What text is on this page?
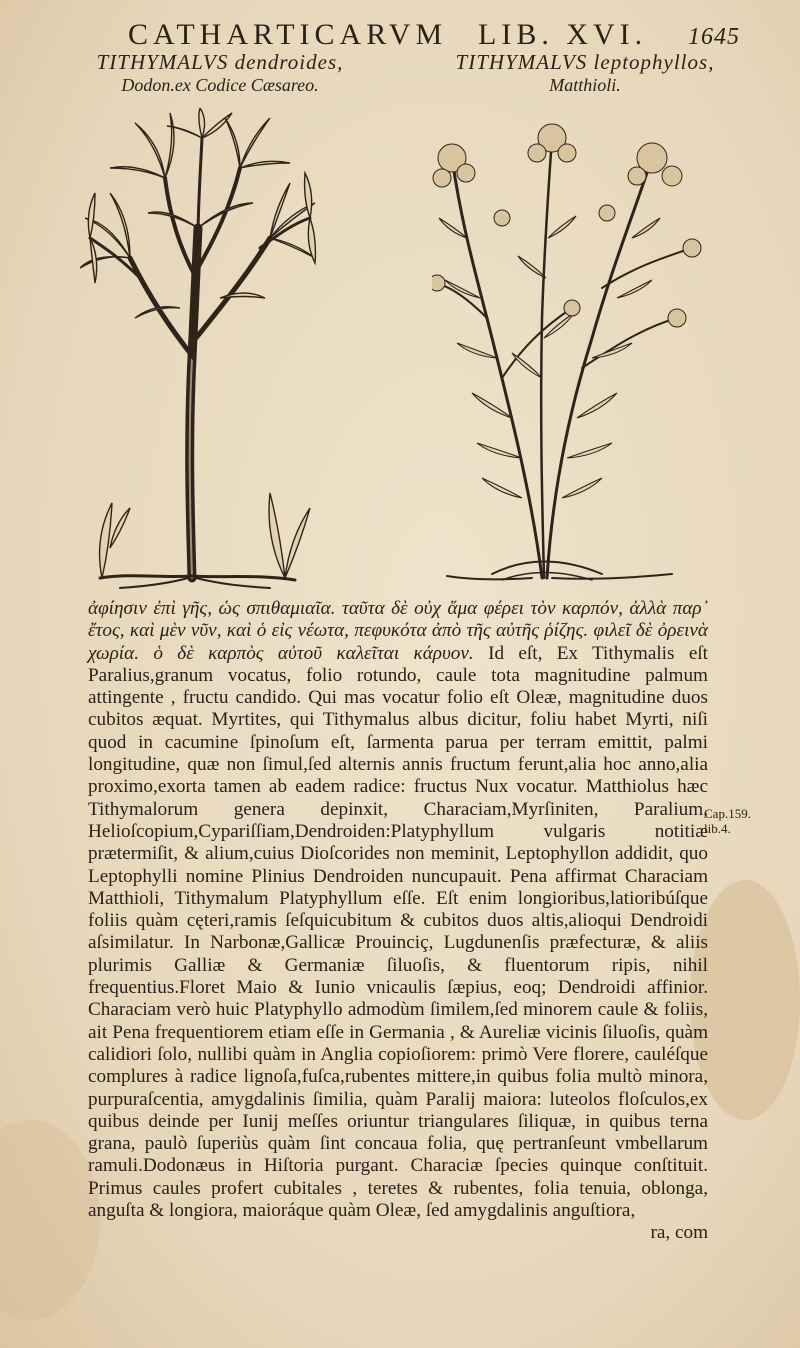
CATHARTICARVM LIB. XVI. 1645
TITHYMALVS dendroides,
Dodon.ex Codice Cæsareo.
TITHYMALVS leptophyllos,
Matthioli.
ἀφίησιν ἐπὶ γῆς, ὡς σπιθαμιαῖα. ταῦτα δὲ οὐχ ἅμα φέρει τὸν καρπόν, ἀλλὰ παρ᾽ ἔτος, καὶ μὲν νῦν, καὶ ὁ εἰς νέωτα, πεφυκότα ἀπὸ τῆς αὐτῆς ῥίζης. φιλεῖ δὲ ὀρεινὰ χωρία. ὁ δὲ καρπὸς αὐτοῦ καλεῖται κάρυον. Id eſt, Ex Tithymalis eſt Paralius,granum vocatus, folio rotundo, caule tota magnitudine palmum attingente , fructu candido. Qui mas vocatur folio eſt Oleæ, magnitudine duos cubitos æquat. Myrtites, qui Tithymalus albus dicitur, foliu habet Myrti, niſi quod in cacumine ſpinoſum eſt, ſarmenta parua per terram emittit, palmi longitudine, quæ non ſimul,ſed alternis annis fructum ferunt,alia hoc anno,alia proximo,exorta tamen ab eadem radice: fructus Nux vocatur. Matthiolus hæc Tithymalorum genera depinxit, Characiam,Myrſiniten, Paralium, Helioſcopium,Cypariſſiam,Dendroiden:Platyphyllum vulgaris notitiæ prætermiſit, & alium,cuius Dioſcorides non meminit, Leptophyllon addidit, quo Leptophylli nomine Plinius Dendroiden nuncupauit. Pena affirmat Characiam Matthioli, Tithymalum Platyphyllum eſſe. Eſt enim longioribus,latioribúſque foliis quàm cęteri,ramis ſeſquicubitum & cubitos duos altis,alioqui Dendroidi aſsimilatur. In Narbonæ,Gallicæ Prouinciç, Lugdunenſis præfecturæ, & aliis plurimis Galliæ & Germaniæ ſiluoſis, & fluentorum ripis, nihil frequentius.Floret Maio & Iunio vnicaulis ſæpius, eoq; Dendroidi affinior. Characiam verò huic Platyphyllo admodùm ſimilem,ſed minorem caule & foliis, ait Pena frequentiorem etiam eſſe in Germania , & Aureliæ vicinis ſiluoſis, quàm calidiori ſolo, nullibi quàm in Anglia copioſiorem: primò Vere florere, cauléſque complures à radice lignoſa,fuſca,rubentes mittere,in quibus folia multò minora, purpuraſcentia, amygdalinis ſimilia, quàm Paralij maiora: luteolos floſculos,ex quibus deinde per Iunij meſſes oriuntur triangulares ſiliquæ, in quibus terna grana, paulò ſuperiùs quàm ſint concaua folia, quę pertranſeunt vmbellarum ramuli.Dodonæus in Hiſtoria purgant. Characiæ ſpecies quinque conſtituit. Primus caules profert cubitales , teretes & rubentes, folia tenuia, oblonga, anguſta & longiora, maioráque quàm Oleæ, ſed amygdalinis anguſtiora,
ra, com
Cap.159. lib.4.
